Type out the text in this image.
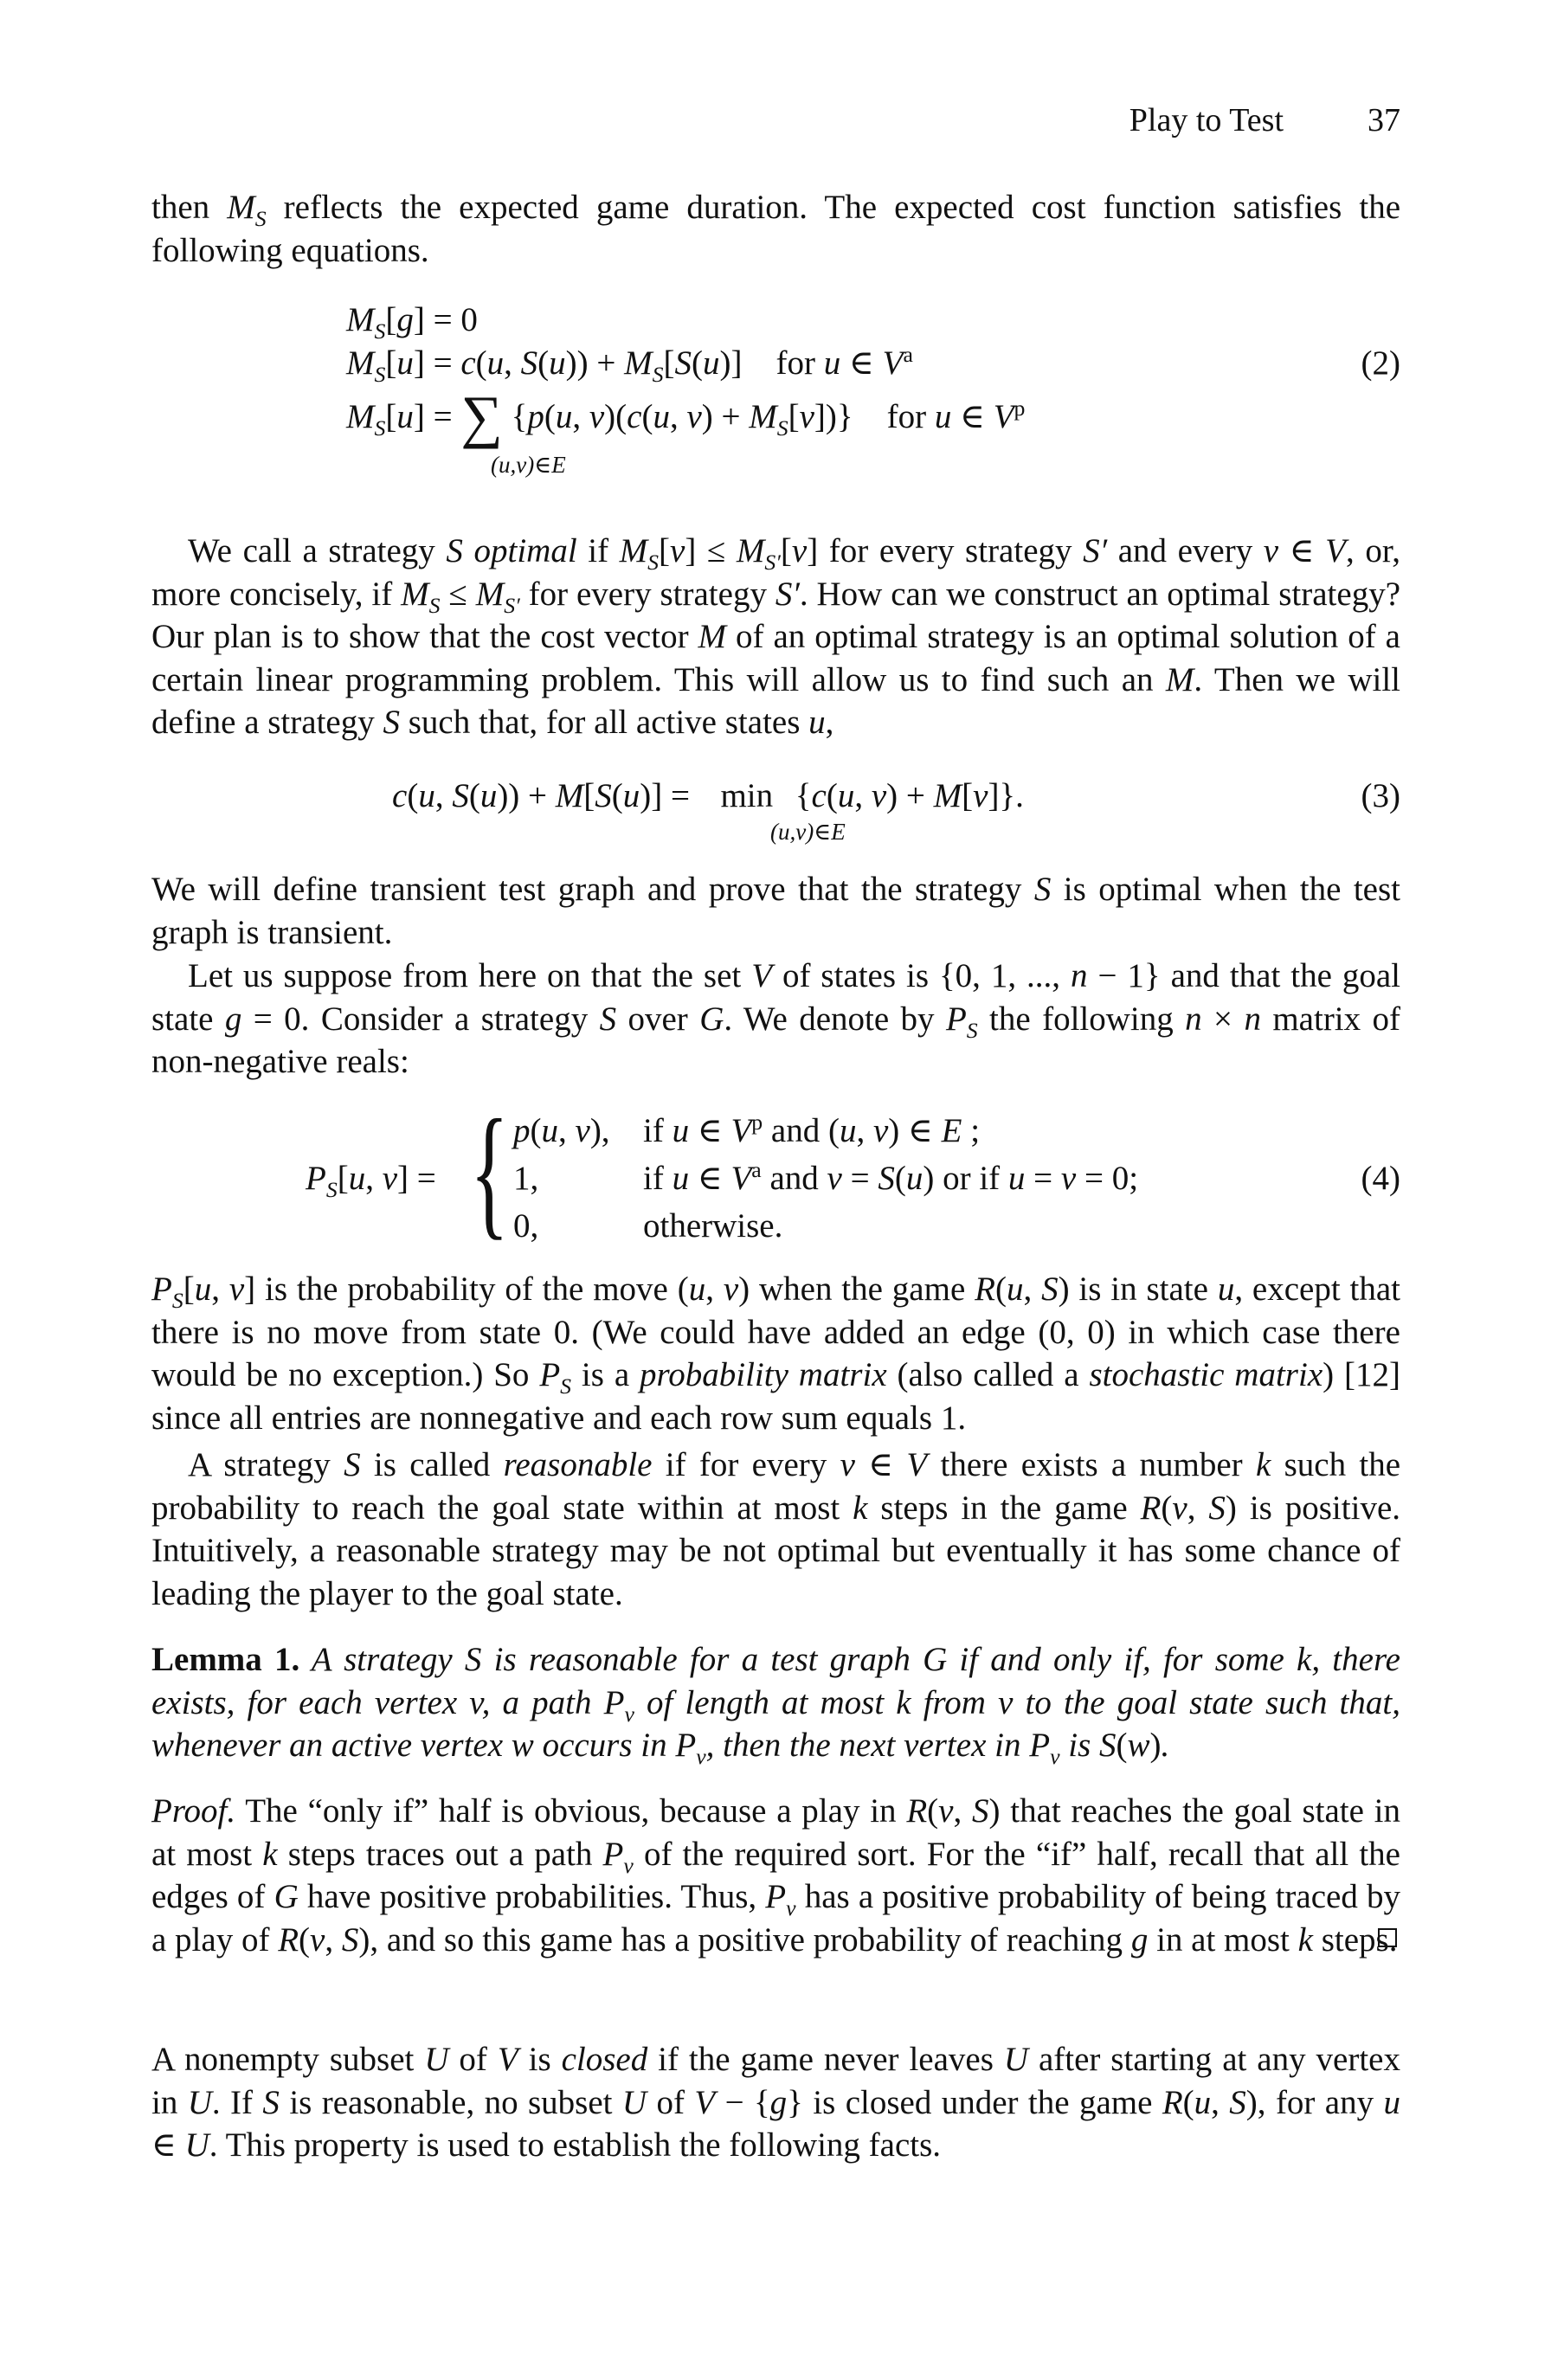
Play to Test	37

then $M_S$ reflects the expected game duration. The expected cost function satisfies the following equations.

$M_S[g] = 0$
$M_S[u] = c(u$, $S(u)) + M_S[S(u)]$    for u ∈ $V^a$	(2)
$M_S[u]$ = ∑ {p(u, v)(c(u, $v) + M_S[v]$)}    for u ∈ $V^p$
(u,v)∈E

We call a strategy S optimal if $M_S[v] \le M_{S'}[v]$ for every strategy S′ and every v ∈ V, or, more concisely, if $M_S \le M_{S'}$ for every strategy S′. How can we construct an optimal strategy? Our plan is to show that the cost vector M of an optimal strategy is an optimal solution of a certain linear programming problem. This will allow us to find such an M. Then we will define a strategy S such that, for all active states u,

c(u, S(u)) + M[S(u)] = min {c(u, v) + M[v]}.
(u,v)∈E
(3)

We will define transient test graph and prove that the strategy S is optimal when the test graph is transient.

Let us suppose from here on that the set V of states is {0, 1, ..., n − 1} and that the goal state g = 0. Consider a strategy S over G. We denote by $P_S$ the following n × n matrix of non-negative reals:

$P_S[u$, v] = { p(u, v), if u ∈ $V^p$ and (u, v) ∈ E ;
1,	if u ∈ $V^a$ and v = S(u) or if u = v = 0;	(4)
0,	otherwise.

$P_S[u$, v] is the probability of the move (u, v) when the game R(u, S) is in state u, except that there is no move from state 0. (We could have added an edge (0, 0) in which case there would be no exception.) So $P_S$ is a probability matrix (also called a stochastic matrix) [12] since all entries are nonnegative and each row sum equals 1.

A strategy S is called reasonable if for every v ∈ V there exists a number k such the probability to reach the goal state within at most k steps in the game R(v, S) is positive. Intuitively, a reasonable strategy may be not optimal but eventually it has some chance of leading the player to the goal state.

Lemma 1. A strategy S is reasonable for a test graph G if and only if, for some k, there exists, for each vertex v, a path $P_v$ of length at most k from v to the goal state such that, whenever an active vertex w occurs in $P_v$, then the next vertex in $P_v$ is S(w).

Proof. The “only if” half is obvious, because a play in R(v, S) that reaches the goal state in at most k steps traces out a path $P_v$ of the required sort. For the “if” half, recall that all the edges of G have positive probabilities. Thus, $P_v$ has a positive probability of being traced by a play of R(v, S), and so this game has a positive probability of reaching g in at most k steps.

A nonempty subset U of V is closed if the game never leaves U after starting at any vertex in U. If S is reasonable, no subset U of V − {g} is closed under the game R(u, S), for any u ∈ U. This property is used to establish the following facts.
